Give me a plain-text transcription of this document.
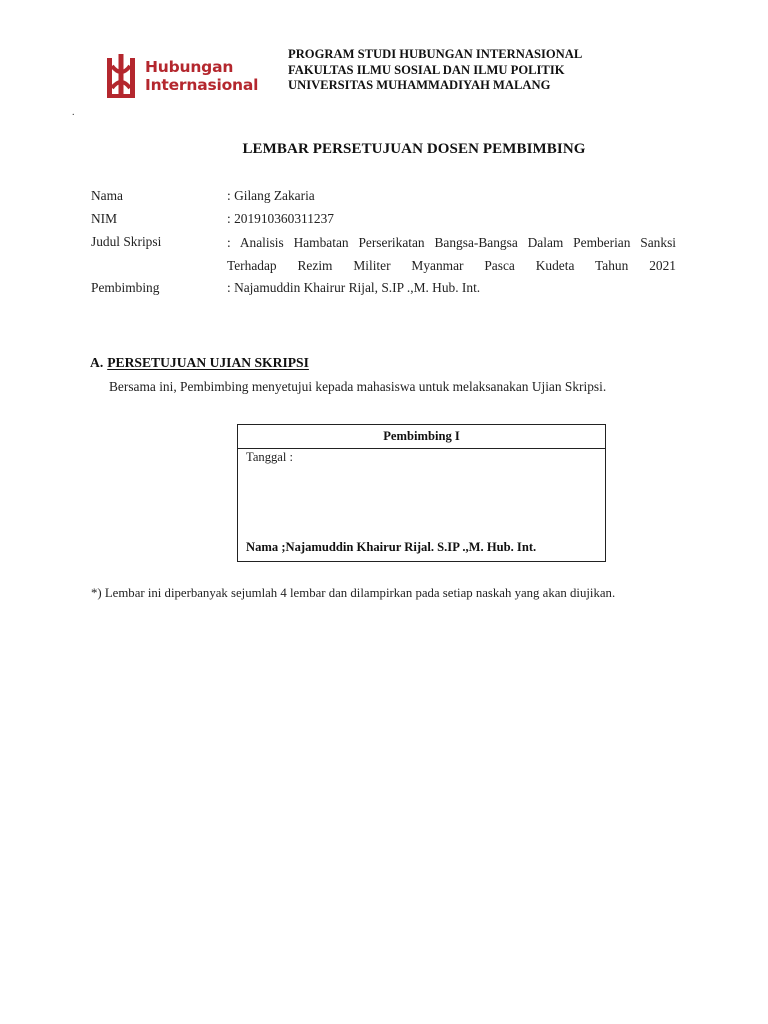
Hubungan
Internasional
PROGRAM STUDI HUBUNGAN INTERNASIONAL
FAKULTAS ILMU SOSIAL DAN ILMU POLITIK
UNIVERSITAS MUHAMMADIYAH MALANG
.
LEMBAR PERSETUJUAN DOSEN PEMBIMBING
Nama	: Gilang Zakaria
NIM	: 201910360311237
Judul Skripsi	: Analisis Hambatan Perserikatan Bangsa-Bangsa Dalam Pemberian Sanksi Terhadap Rezim Militer Myanmar Pasca Kudeta Tahun 2021
Pembimbing	: Najamuddin Khairur Rijal, S.IP .,M. Hub. Int.
A. PERSETUJUAN UJIAN SKRIPSI
Bersama ini, Pembimbing menyetujui kepada mahasiswa untuk melaksanakan Ujian Skripsi.
Pembimbing I
Tanggal :
Nama ;Najamuddin Khairur Rijal. S.IP .,M. Hub. Int.
*) Lembar ini diperbanyak sejumlah 4 lembar dan dilampirkan pada setiap naskah yang akan diujikan.
